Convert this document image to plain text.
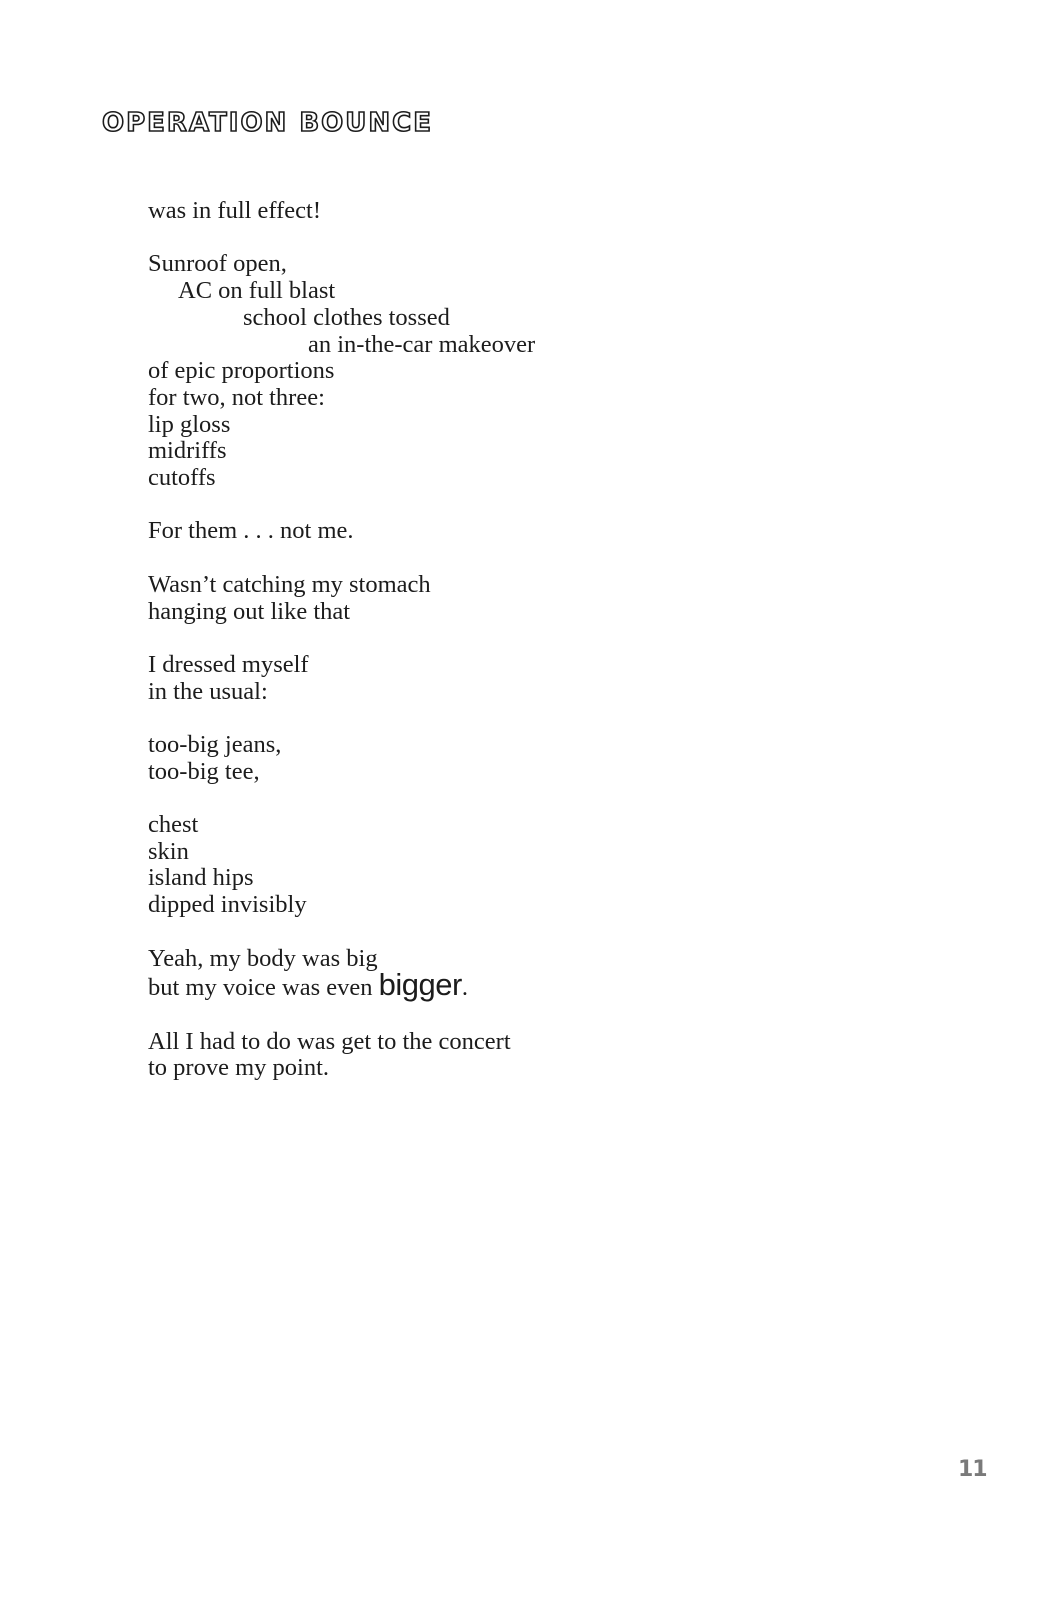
OPERATION BOUNCE
was in full effect!
Sunroof open,
AC on full blast
school clothes tossed
an in-the-car makeover
of epic proportions
for two, not three:
lip gloss
midriffs
cutoffs
For them . . . not me.
Wasn’t catching my stomach
hanging out like that
I dressed myself
in the usual:
too-big jeans,
too-big tee,
chest
skin
island hips
dipped invisibly
Yeah, my body was big
but my voice was even bigger.
All I had to do was get to the concert
to prove my point.
11
